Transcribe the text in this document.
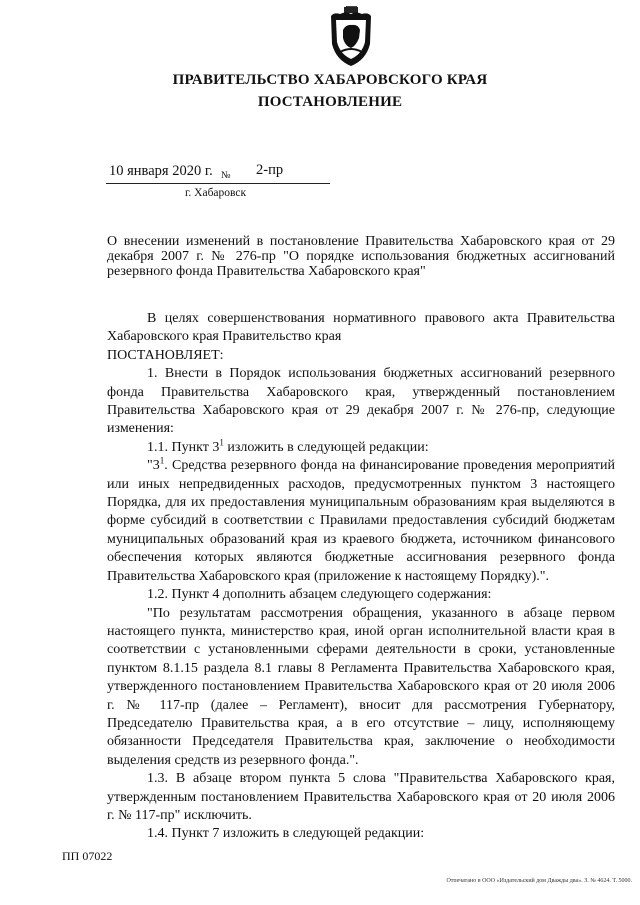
ПРАВИТЕЛЬСТВО ХАБАРОВСКОГО КРАЯ
ПОСТАНОВЛЕНИЕ
10 января 2020 г. № 2-пр
г. Хабаровск
О внесении изменений в постановление Правительства Хабаровского края от 29 декабря 2007 г. № 276-пр "О порядке использования бюджетных ассигнований резервного фонда Правительства Хабаровского края"

В целях совершенствования нормативного правового акта Правительства Хабаровского края Правительство края

ПОСТАНОВЛЯЕТ:

1. Внести в Порядок использования бюджетных ассигнований резервного фонда Правительства Хабаровского края, утвержденный постановлением Правительства Хабаровского края от 29 декабря 2007 г. № 276-пр, следующие изменения:

1.1. Пункт $3^1$ изложить в следующей редакции:

"$3^1$. Средства резервного фонда на финансирование проведения мероприятий или иных непредвиденных расходов, предусмотренных пунктом 3 настоящего Порядка, для их предоставления муниципальным образованиям края выделяются в форме субсидий в соответствии с Правилами предоставления субсидий бюджетам муниципальных образований края из краевого бюджета, источником финансового обеспечения которых являются бюджетные ассигнования резервного фонда Правительства Хабаровского края (приложение к настоящему Порядку).".

1.2. Пункт 4 дополнить абзацем следующего содержания:

"По результатам рассмотрения обращения, указанного в абзаце первом настоящего пункта, министерство края, иной орган исполнительной власти края в соответствии с установленными сферами деятельности в сроки, установленные пунктом 8.1.15 раздела 8.1 главы 8 Регламента Правительства Хабаровского края, утвержденного постановлением Правительства Хабаровского края от 20 июля 2006 г. № 117-пр (далее – Регламент), вносит для рассмотрения Губернатору, Председателю Правительства края, а в его отсутствие – лицу, исполняющему обязанности Председателя Правительства края, заключение о необходимости выделения средств из резервного фонда.".

1.3. В абзаце втором пункта 5 слова "Правительства Хабаровского края, утвержденным постановлением Правительства Хабаровского края от 20 июля 2006 г. № 117-пр" исключить.

1.4. Пункт 7 изложить в следующей редакции:

ПП 07022
Отпечатано в ООО «Издательский дом Дважды два». З. № 4624. Т. 5000.
